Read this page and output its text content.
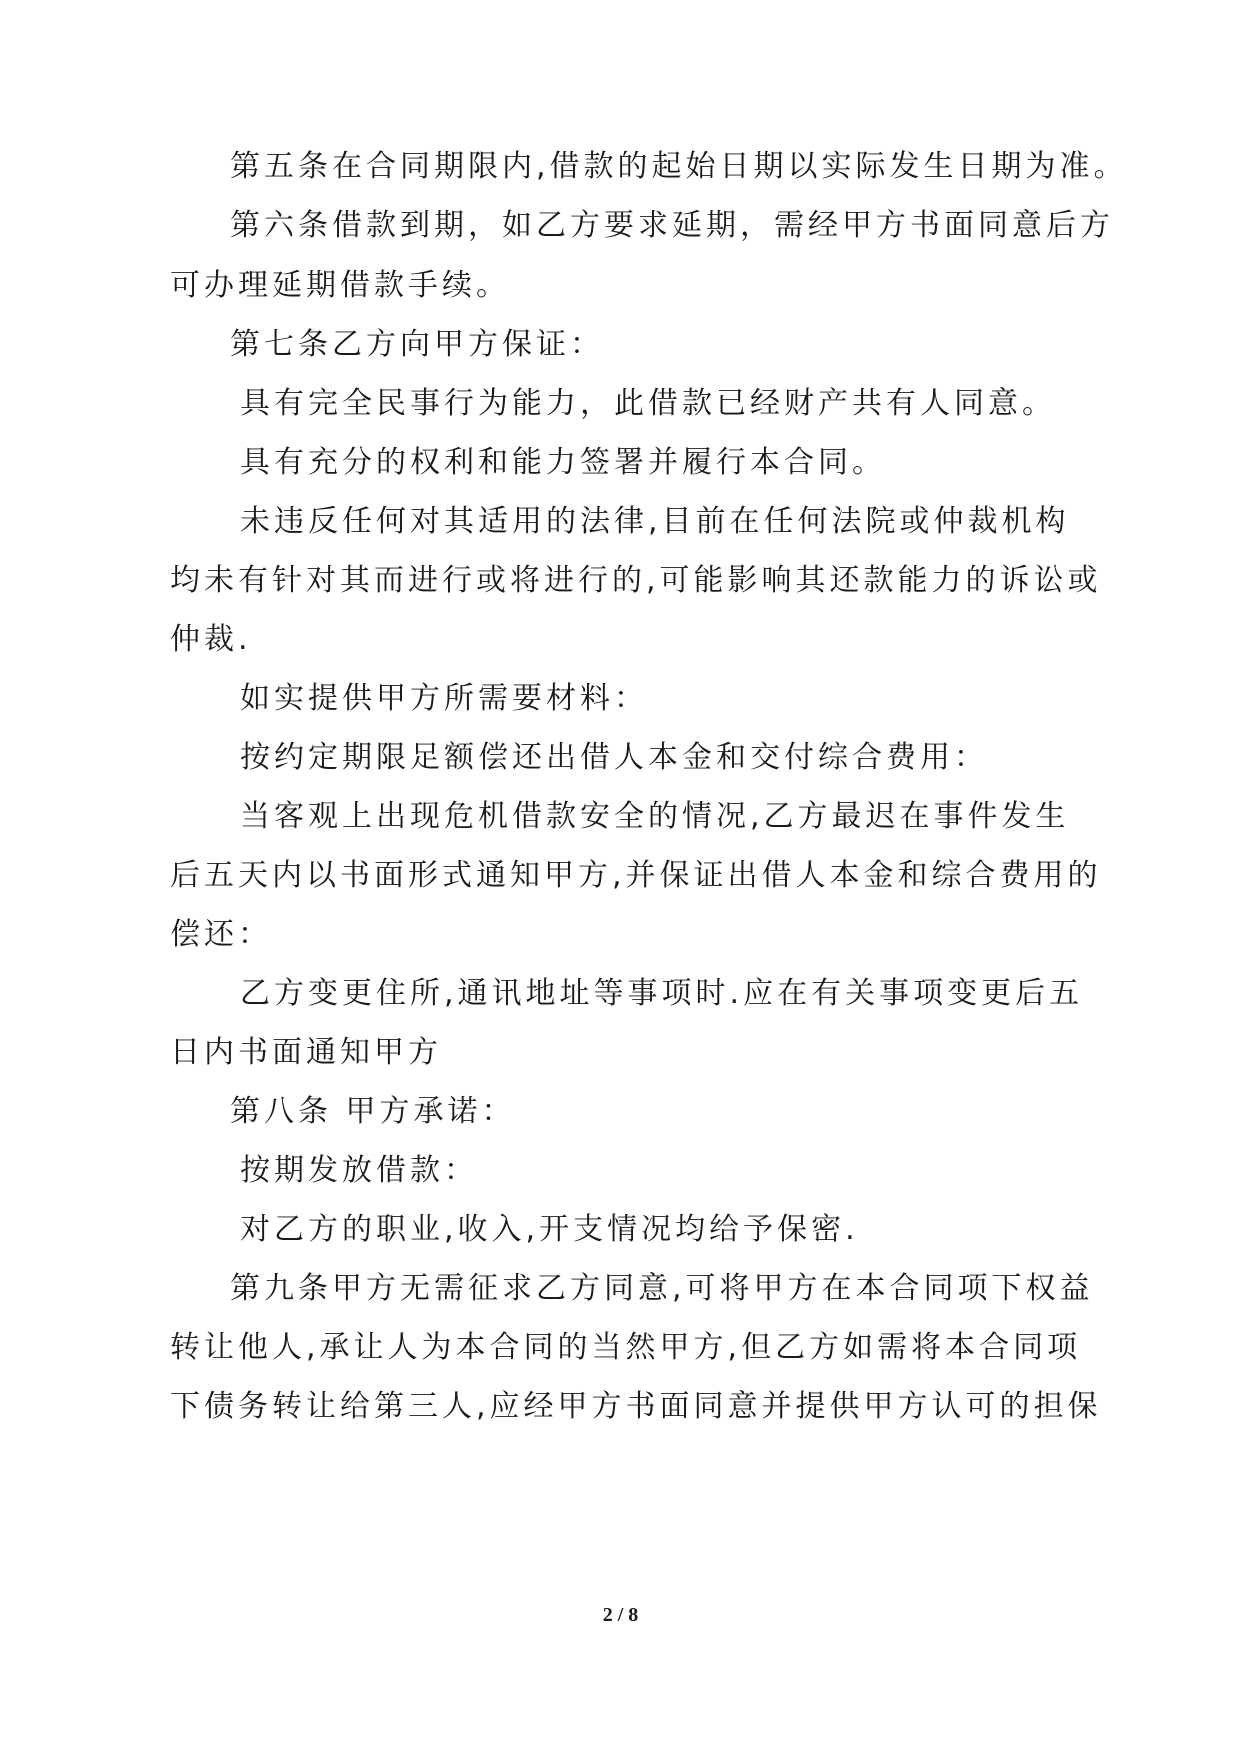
第五条在合同期限内,借款的起始日期以实际发生日期为准。
第六条借款到期，如乙方要求延期，需经甲方书面同意后方
可办理延期借款手续。
第七条乙方向甲方保证：
具有完全民事行为能力，此借款已经财产共有人同意。
具有充分的权利和能力签署并履行本合同。
未违反任何对其适用的法律,目前在任何法院或仲裁机构
均未有针对其而进行或将进行的,可能影响其还款能力的诉讼或
仲裁.
如实提供甲方所需要材料：
按约定期限足额偿还出借人本金和交付综合费用：
当客观上出现危机借款安全的情况,乙方最迟在事件发生
后五天内以书面形式通知甲方,并保证出借人本金和综合费用的
偿还：
乙方变更住所,通讯地址等事项时.应在有关事项变更后五
日内书面通知甲方
第八条 甲方承诺：
按期发放借款：
对乙方的职业,收入,开支情况均给予保密.
第九条甲方无需征求乙方同意,可将甲方在本合同项下权益
转让他人,承让人为本合同的当然甲方,但乙方如需将本合同项
下债务转让给第三人,应经甲方书面同意并提供甲方认可的担保
2 / 8
